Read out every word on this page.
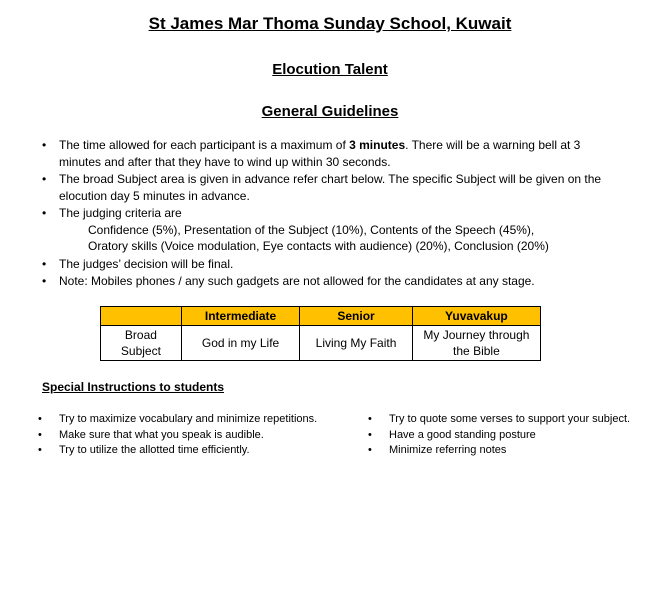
St James Mar Thoma Sunday School, Kuwait
Elocution Talent
General Guidelines
• The time allowed for each participant is a maximum of 3 minutes. There will be a warning bell at 3 minutes and after that they have to wind up within 30 seconds.
• The broad Subject area is given in advance refer chart below. The specific Subject will be given on the elocution day 5 minutes in advance.
• The judging criteria are
Confidence (5%), Presentation of the Subject (10%), Contents of the Speech (45%),
Oratory skills (Voice modulation, Eye contacts with audience) (20%), Conclusion (20%)
• The judges’ decision will be final.
• Note: Mobiles phones / any such gadgets are not allowed for the candidates at any stage.
	Intermediate	Senior	Yuvavakup
Broad Subject	God in my Life	Living My Faith	My Journey through the Bible
Special Instructions to students
• Try to maximize vocabulary and minimize repetitions.
• Make sure that what you speak is audible.
• Try to utilize the allotted time efficiently.
• Try to quote some verses to support your subject.
• Have a good standing posture
• Minimize referring notes
